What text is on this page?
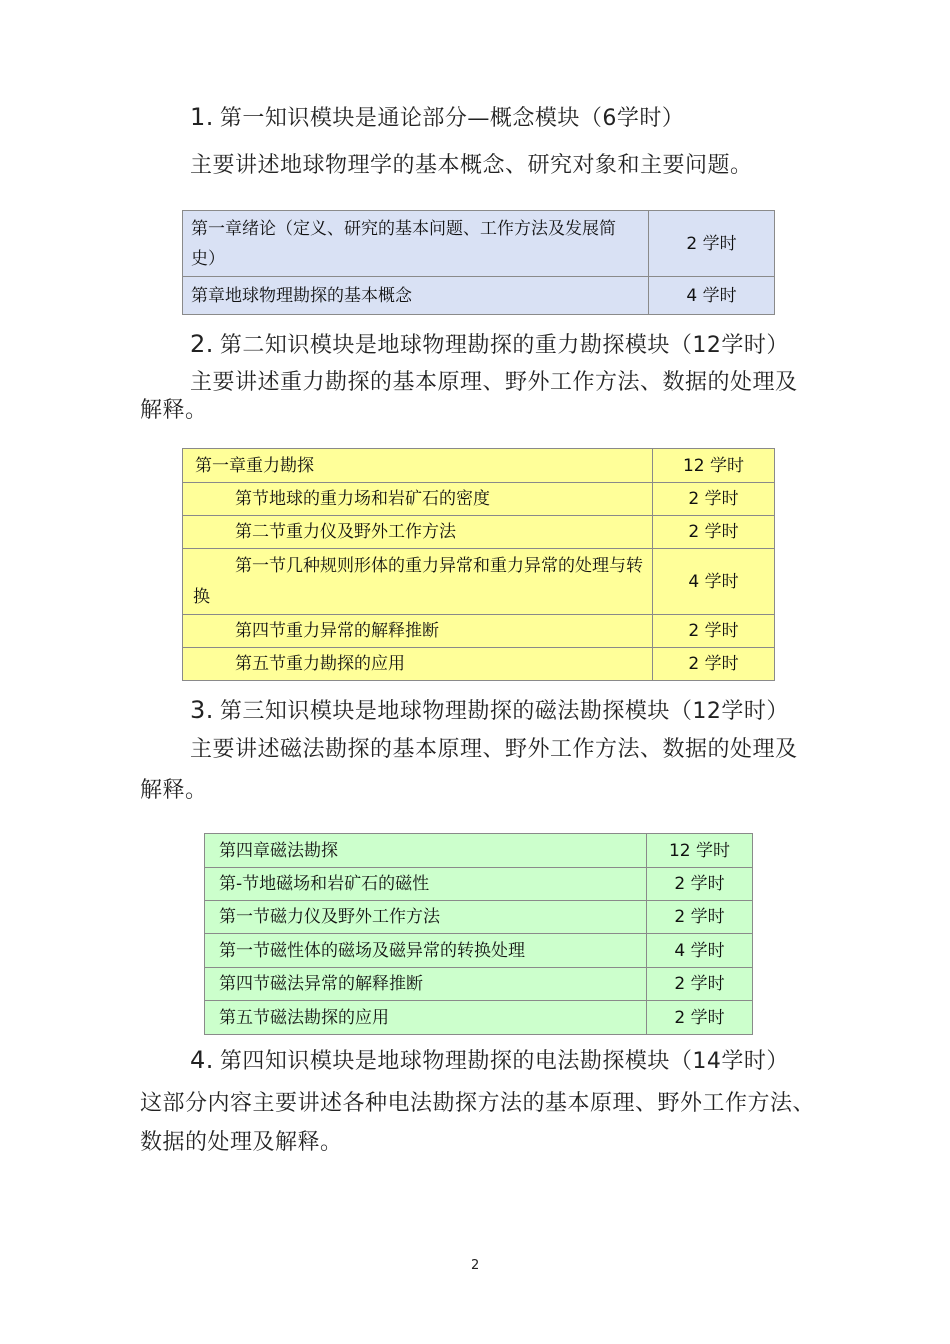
1. 第一知识模块是通论部分—概念模块（6学时）
主要讲述地球物理学的基本概念、研究对象和主要问题。
第一章绪论（定义、研究的基本问题、工作方法及发展简史）	2 学时
第章地球物理勘探的基本概念	4 学时
2. 第二知识模块是地球物理勘探的重力勘探模块（12学时）
主要讲述重力勘探的基本原理、野外工作方法、数据的处理及
解释。
第一章重力勘探	12 学时
第节地球的重力场和岩矿石的密度	2 学时
第二节重力仪及野外工作方法	2 学时
第一节几种规则形体的重力异常和重力异常的处理与转换	4 学时
第四节重力异常的解释推断	2 学时
第五节重力勘探的应用	2 学时
3. 第三知识模块是地球物理勘探的磁法勘探模块（12学时）
主要讲述磁法勘探的基本原理、野外工作方法、数据的处理及
解释。
第四章磁法勘探	12 学时
第-节地磁场和岩矿石的磁性	2 学时
第一节磁力仪及野外工作方法	2 学时
第一节磁性体的磁场及磁异常的转换处理	4 学时
第四节磁法异常的解释推断	2 学时
第五节磁法勘探的应用	2 学时
4. 第四知识模块是地球物理勘探的电法勘探模块（14学时）
这部分内容主要讲述各种电法勘探方法的基本原理、野外工作方法、
数据的处理及解释。
2
